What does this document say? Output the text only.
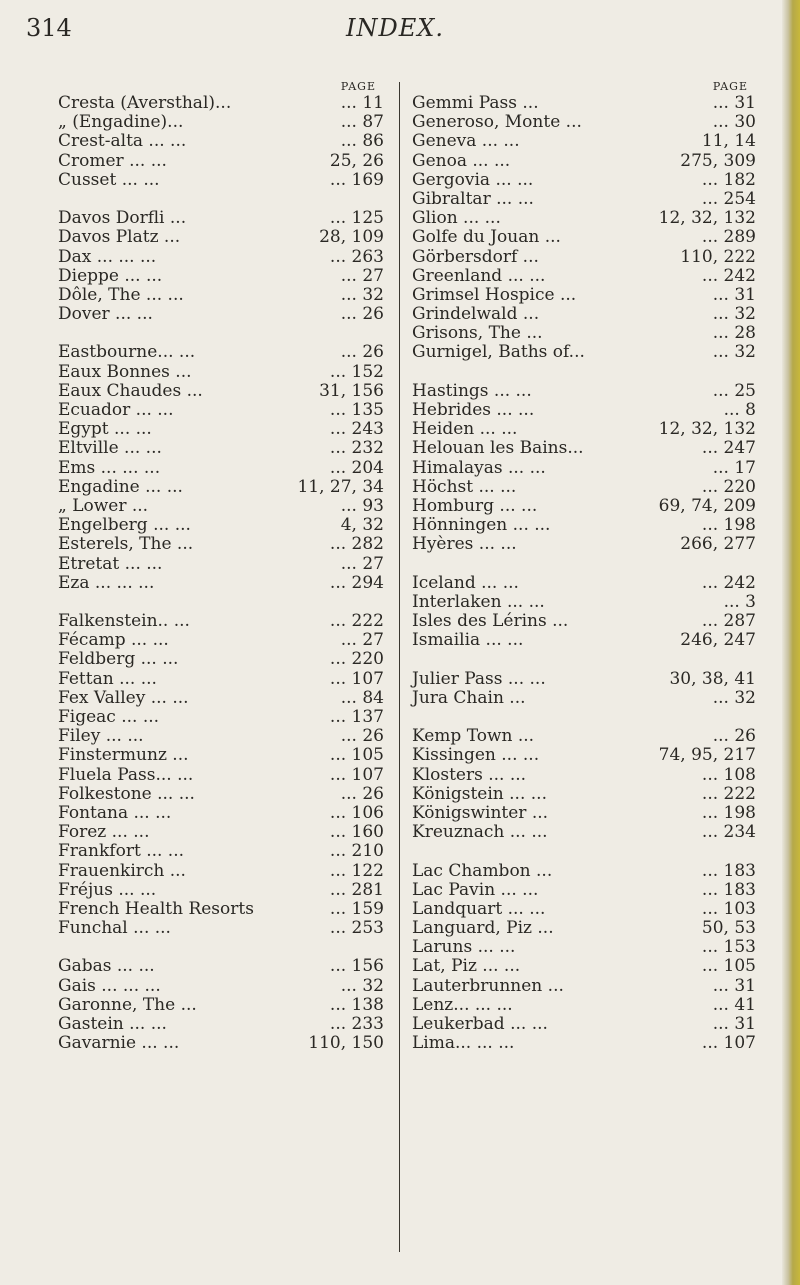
314	INDEX.
PAGE
Cresta (Aversthal)...	... 11
„ (Engadine)...	... 87
Crest-alta ... ...	... 86
Cromer ... ...	25, 26
Cusset ... ...	... 169
Davos Dorfli ...	... 125
Davos Platz ...	28, 109
Dax ... ... ...	... 263
Dieppe ... ...	... 27
Dôle, The ... ...	... 32
Dover ... ...	... 26
Eastbourne... ...	... 26
Eaux Bonnes ...	... 152
Eaux Chaudes ...	31, 156
Ecuador ... ...	... 135
Egypt ... ...	... 243
Eltville ... ...	... 232
Ems ... ... ...	... 204
Engadine ... ...	11, 27, 34
„ Lower ...	... 93
Engelberg ... ...	4, 32
Esterels, The ...	... 282
Etretat ... ...	... 27
Eza ... ... ...	... 294
Falkenstein.. ...	... 222
Fécamp ... ...	... 27
Feldberg ... ...	... 220
Fettan ... ...	... 107
Fex Valley ... ...	... 84
Figeac ... ...	... 137
Filey ... ...	... 26
Finstermunz ...	... 105
Fluela Pass... ...	... 107
Folkestone ... ...	... 26
Fontana ... ...	... 106
Forez ... ...	... 160
Frankfort ... ...	... 210
Frauenkirch ...	... 122
Fréjus ... ...	... 281
French Health Resorts	... 159
Funchal ... ...	... 253
Gabas ... ...	... 156
Gais ... ... ...	... 32
Garonne, The ...	... 138
Gastein ... ...	... 233
Gavarnie ... ...	110, 150
PAGE
Gemmi Pass ...	... 31
Generoso, Monte ...	... 30
Geneva ... ...	11, 14
Genoa ... ...	275, 309
Gergovia ... ...	... 182
Gibraltar ... ...	... 254
Glion ... ...	12, 32, 132
Golfe du Jouan ...	... 289
Görbersdorf ...	110, 222
Greenland ... ...	... 242
Grimsel Hospice ...	... 31
Grindelwald ...	... 32
Grisons, The ...	... 28
Gurnigel, Baths of...	... 32
Hastings ... ...	... 25
Hebrides ... ...	... 8
Heiden ... ...	12, 32, 132
Helouan les Bains...	... 247
Himalayas ... ...	... 17
Höchst ... ...	... 220
Homburg ... ...	69, 74, 209
Hönningen ... ...	... 198
Hyères ... ...	266, 277
Iceland ... ...	... 242
Interlaken ... ...	... 3
Isles des Lérins ...	... 287
Ismailia ... ...	246, 247
Julier Pass ... ...	30, 38, 41
Jura Chain ...	... 32
Kemp Town ...	... 26
Kissingen ... ...	74, 95, 217
Klosters ... ...	... 108
Königstein ... ...	... 222
Königswinter ...	... 198
Kreuznach ... ...	... 234
Lac Chambon ...	... 183
Lac Pavin ... ...	... 183
Landquart ... ...	... 103
Languard, Piz ...	50, 53
Laruns ... ...	... 153
Lat, Piz ... ...	... 105
Lauterbrunnen ...	... 31
Lenz... ... ...	... 41
Leukerbad ... ...	... 31
Lima... ... ...	... 107
